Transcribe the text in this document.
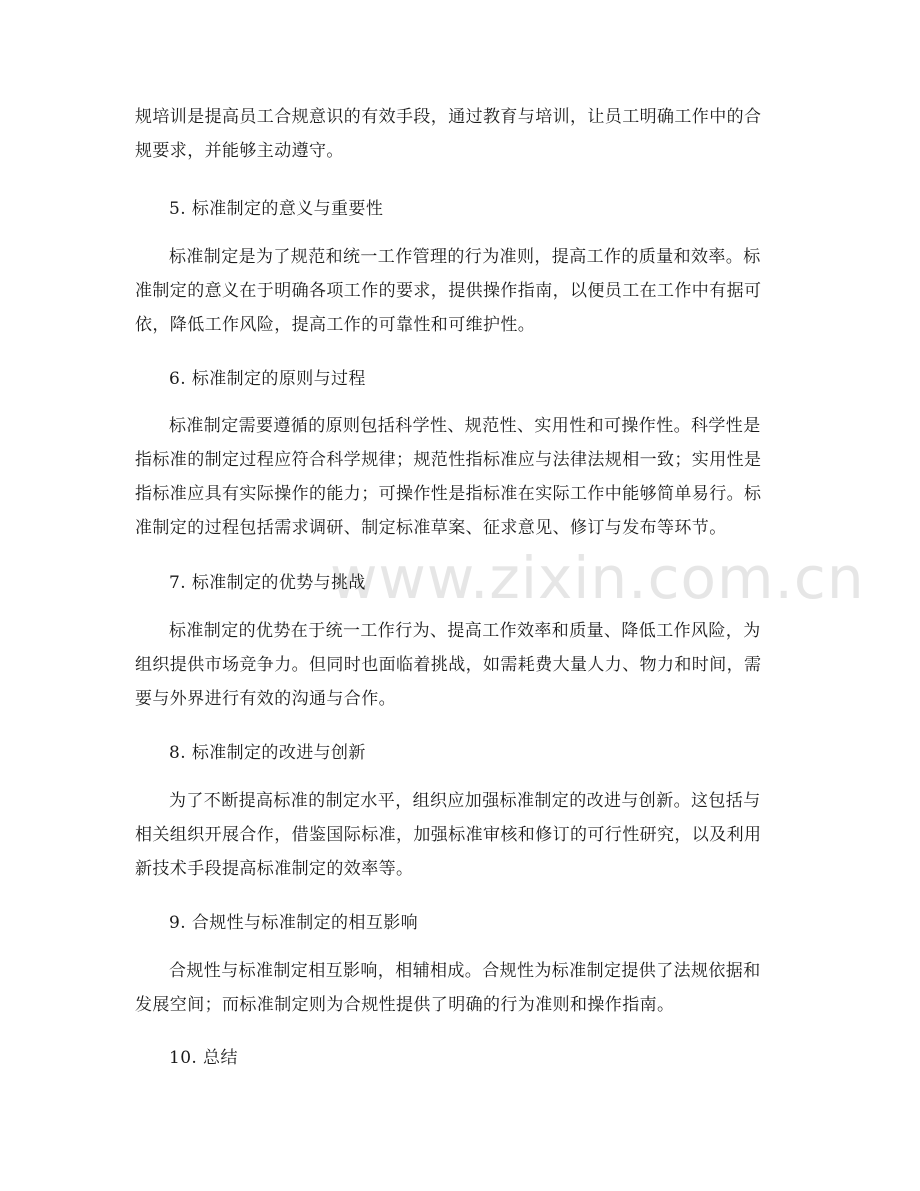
www.zixin.com.cn
规培训是提高员工合规意识的有效手段，通过教育与培训，让员工明确工作中的合
规要求，并能够主动遵守。
5. 标准制定的意义与重要性
标准制定是为了规范和统一工作管理的行为准则，提高工作的质量和效率。标
准制定的意义在于明确各项工作的要求，提供操作指南，以便员工在工作中有据可
依，降低工作风险，提高工作的可靠性和可维护性。
6. 标准制定的原则与过程
标准制定需要遵循的原则包括科学性、规范性、实用性和可操作性。科学性是
指标准的制定过程应符合科学规律；规范性指标准应与法律法规相一致；实用性是
指标准应具有实际操作的能力；可操作性是指标准在实际工作中能够简单易行。标
准制定的过程包括需求调研、制定标准草案、征求意见、修订与发布等环节。
7. 标准制定的优势与挑战
标准制定的优势在于统一工作行为、提高工作效率和质量、降低工作风险，为
组织提供市场竞争力。但同时也面临着挑战，如需耗费大量人力、物力和时间，需
要与外界进行有效的沟通与合作。
8. 标准制定的改进与创新
为了不断提高标准的制定水平，组织应加强标准制定的改进与创新。这包括与
相关组织开展合作，借鉴国际标准，加强标准审核和修订的可行性研究，以及利用
新技术手段提高标准制定的效率等。
9. 合规性与标准制定的相互影响
合规性与标准制定相互影响，相辅相成。合规性为标准制定提供了法规依据和
发展空间；而标准制定则为合规性提供了明确的行为准则和操作指南。
10. 总结
